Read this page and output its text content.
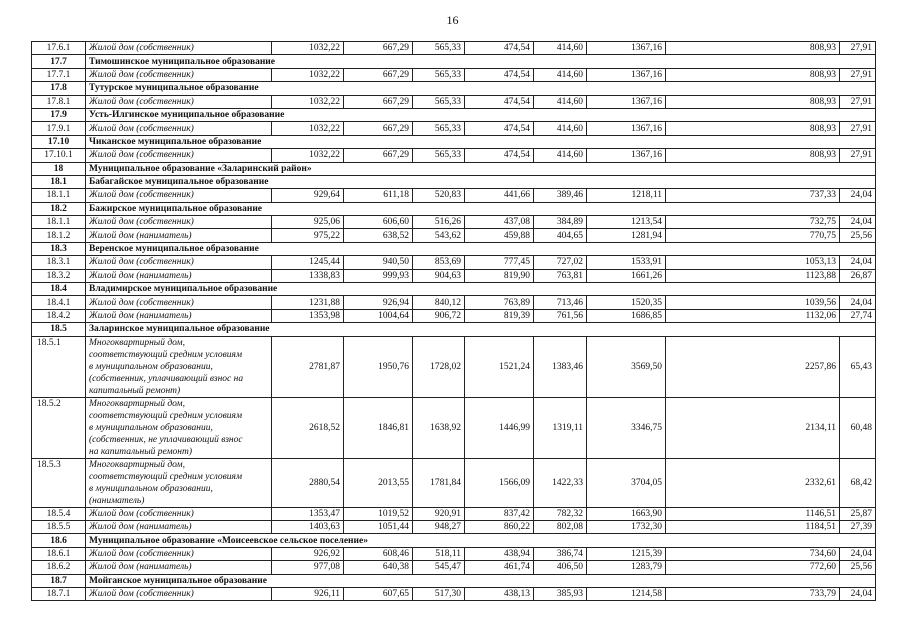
16
17.6.1	Жилой дом (собственник)	1032,22	667,29	565,33	474,54	414,60	1367,16	808,93	27,91
17.7	Тимошинское муниципальное образование								
17.7.1	Жилой дом (собственник)	1032,22	667,29	565,33	474,54	414,60	1367,16	808,93	27,91
17.8	Тутурское муниципальное образование								
17.8.1	Жилой дом (собственник)	1032,22	667,29	565,33	474,54	414,60	1367,16	808,93	27,91
17.9	Усть-Илгинское муниципальное образование								
17.9.1	Жилой дом (собственник)	1032,22	667,29	565,33	474,54	414,60	1367,16	808,93	27,91
17.10	Чиканское муниципальное образование								
17.10.1	Жилой дом (собственник)	1032,22	667,29	565,33	474,54	414,60	1367,16	808,93	27,91
18	Муниципальное образование «Заларинский район»								
18.1	Бабагайское муниципальное образование								
18.1.1	Жилой дом (собственник)	929,64	611,18	520,83	441,66	389,46	1218,11	737,33	24,04
18.2	Бажирское муниципальное образование								
18.1.1	Жилой дом (собственник)	925,06	606,60	516,26	437,08	384,89	1213,54	732,75	24,04
18.1.2	Жилой дом (наниматель)	975,22	638,52	543,62	459,88	404,65	1281,94	770,75	25,56
18.3	Веренское муниципальное образование								
18.3.1	Жилой дом (собственник)	1245,44	940,50	853,69	777,45	727,02	1533,91	1053,13	24,04
18.3.2	Жилой дом (наниматель)	1338,83	999,93	904,63	819,90	763,81	1661,26	1123,88	26,87
18.4	Владимирское муниципальное образование								
18.4.1	Жилой дом (собственник)	1231,88	926,94	840,12	763,89	713,46	1520,35	1039,56	24,04
18.4.2	Жилой дом (наниматель)	1353,98	1004,64	906,72	819,39	761,56	1686,85	1132,06	27,74
18.5	Заларинское муниципальное образование								
18.5.1	Многоквартирный дом,
соответствующий средним условиям
в муниципальном образовании,
(собственник, уплачивающий взнос на
капитальный ремонт)	2781,87	1950,76	1728,02	1521,24	1383,46	3569,50	2257,86	65,43
18.5.2	Многоквартирный дом,
соответствующий средним условиям
в муниципальном образовании,
(собственник, не уплачивающий взнос
на капитальный ремонт)	2618,52	1846,81	1638,92	1446,99	1319,11	3346,75	2134,11	60,48
18.5.3	Многоквартирный дом,
соответствующий средним условиям
в муниципальном образовании,
(наниматель)	2880,54	2013,55	1781,84	1566,09	1422,33	3704,05	2332,61	68,42
18.5.4	Жилой дом (собственник)	1353,47	1019,52	920,91	837,42	782,32	1663,90	1146,51	25,87
18.5.5	Жилой дом (наниматель)	1403,63	1051,44	948,27	860,22	802,08	1732,30	1184,51	27,39
18.6	Муниципальное образование «Моисеевское сельское поселение»								
18.6.1	Жилой дом (собственник)	926,92	608,46	518,11	438,94	386,74	1215,39	734,60	24,04
18.6.2	Жилой дом (наниматель)	977,08	640,38	545,47	461,74	406,50	1283,79	772,60	25,56
18.7	Мойганское муниципальное образование								
18.7.1	Жилой дом (собственник)	926,11	607,65	517,30	438,13	385,93	1214,58	733,79	24,04
